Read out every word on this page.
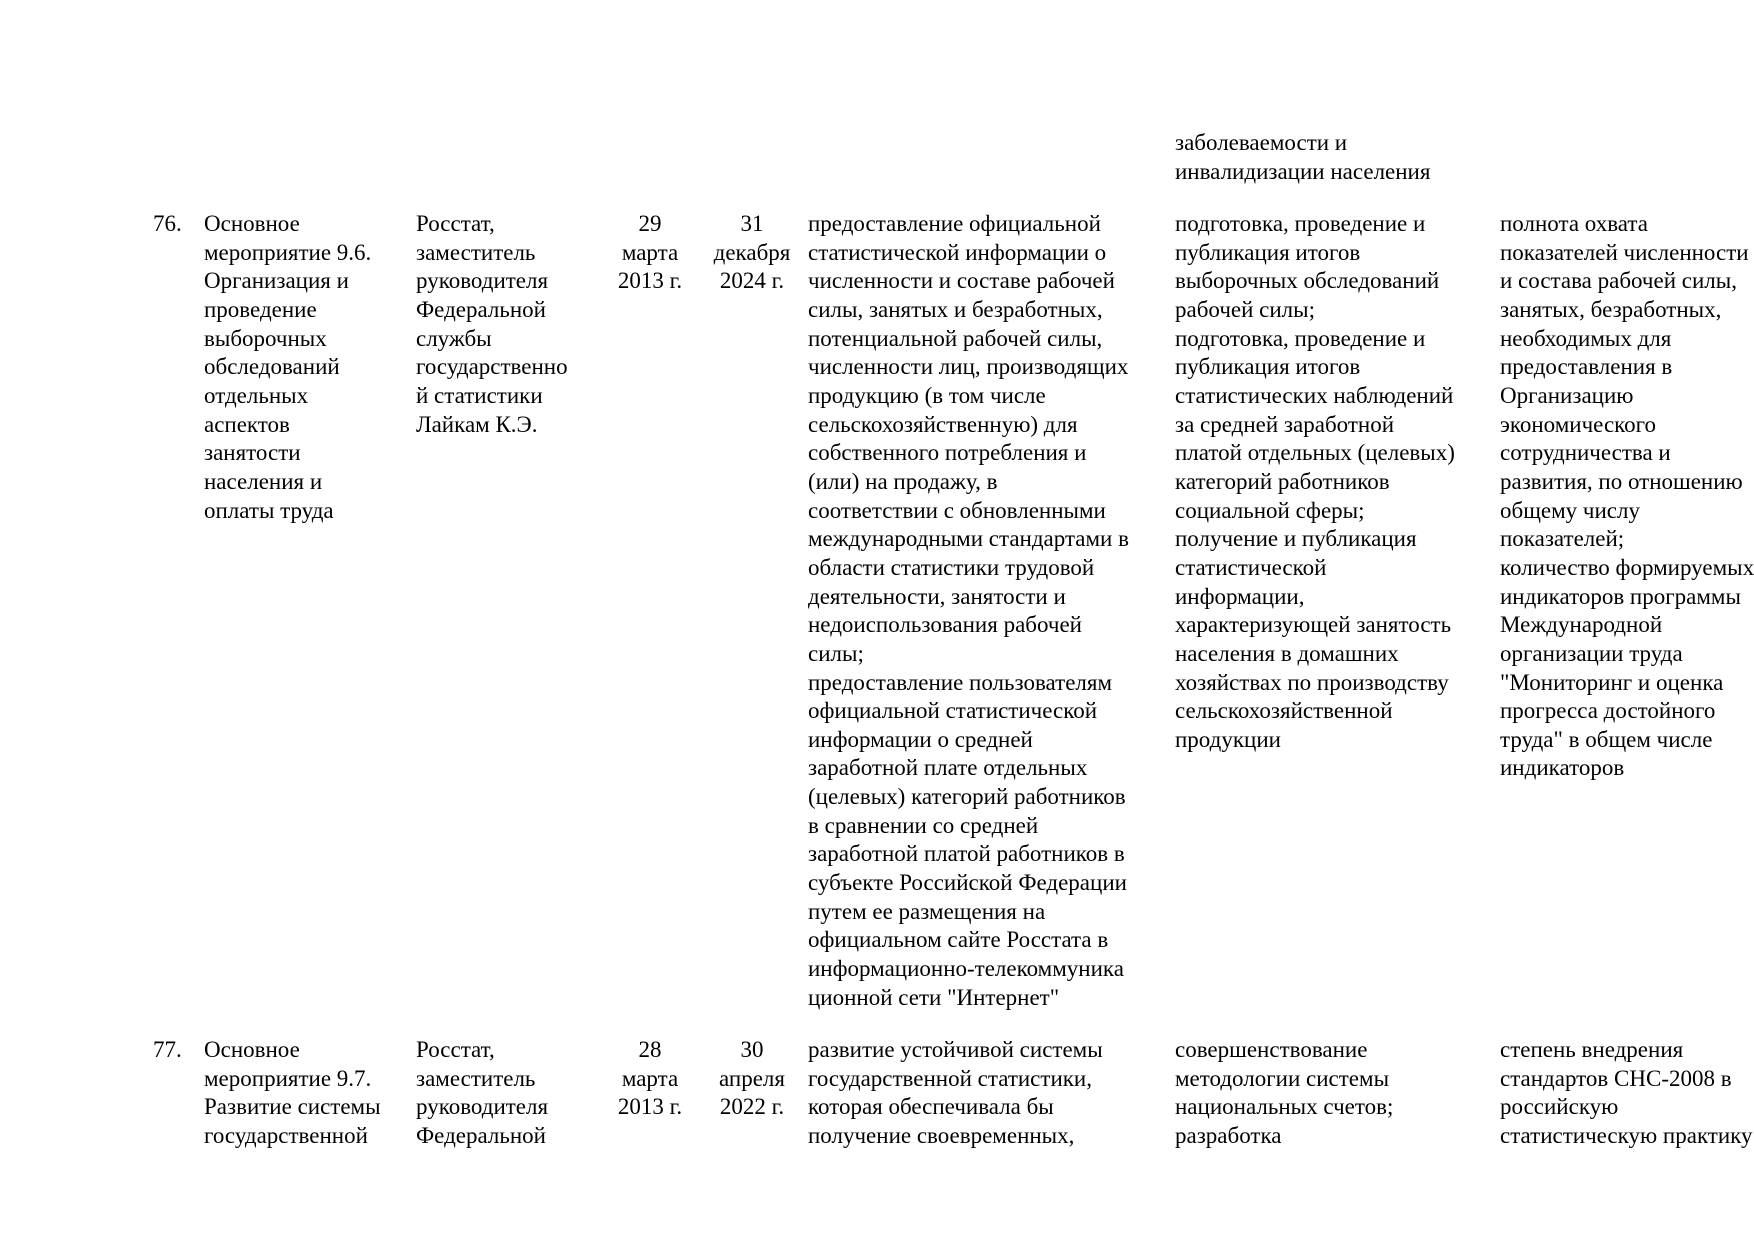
заболеваемости и
инвалидизации населения
76. Основное
мероприятие 9.6.
Организация и
проведение
выборочных
обследований
отдельных
аспектов
занятости
населения и
оплаты труда
Росстат,
заместитель
руководителя
Федеральной
службы
государственно
й статистики
Лайкам К.Э.
29
марта
2013 г.
31
декабря
2024 г.
предоставление официальной
статистической информации о
численности и составе рабочей
силы, занятых и безработных,
потенциальной рабочей силы,
численности лиц, производящих
продукцию (в том числе
сельскохозяйственную) для
собственного потребления и
(или) на продажу, в
соответствии с обновленными
международными стандартами в
области статистики трудовой
деятельности, занятости и
недоиспользования рабочей
силы;
предоставление пользователям
официальной статистической
информации о средней
заработной плате отдельных
(целевых) категорий работников
в сравнении со средней
заработной платой работников в
субъекте Российской Федерации
путем ее размещения на
официальном сайте Росстата в
информационно-телекоммуника
ционной сети "Интернет"
подготовка, проведение и
публикация итогов
выборочных обследований
рабочей силы;
подготовка, проведение и
публикация итогов
статистических наблюдений
за средней заработной
платой отдельных (целевых)
категорий работников
социальной сферы;
получение и публикация
статистической
информации,
характеризующей занятость
населения в домашних
хозяйствах по производству
сельскохозяйственной
продукции
полнота охвата
показателей численности
и состава рабочей силы,
занятых, безработных,
необходимых для
предоставления в
Организацию
экономического
сотрудничества и
развития, по отношению
общему числу
показателей;
количество формируемых
индикаторов программы
Международной
организации труда
"Мониторинг и оценка
прогресса достойного
труда" в общем числе
индикаторов
77. Основное
мероприятие 9.7.
Развитие системы
государственной
Росстат,
заместитель
руководителя
Федеральной
28
марта
2013 г.
30
апреля
2022 г.
развитие устойчивой системы
государственной статистики,
которая обеспечивала бы
получение своевременных,
совершенствование
методологии системы
национальных счетов;
разработка
степень внедрения
стандартов СНС-2008 в
российскую
статистическую практику
